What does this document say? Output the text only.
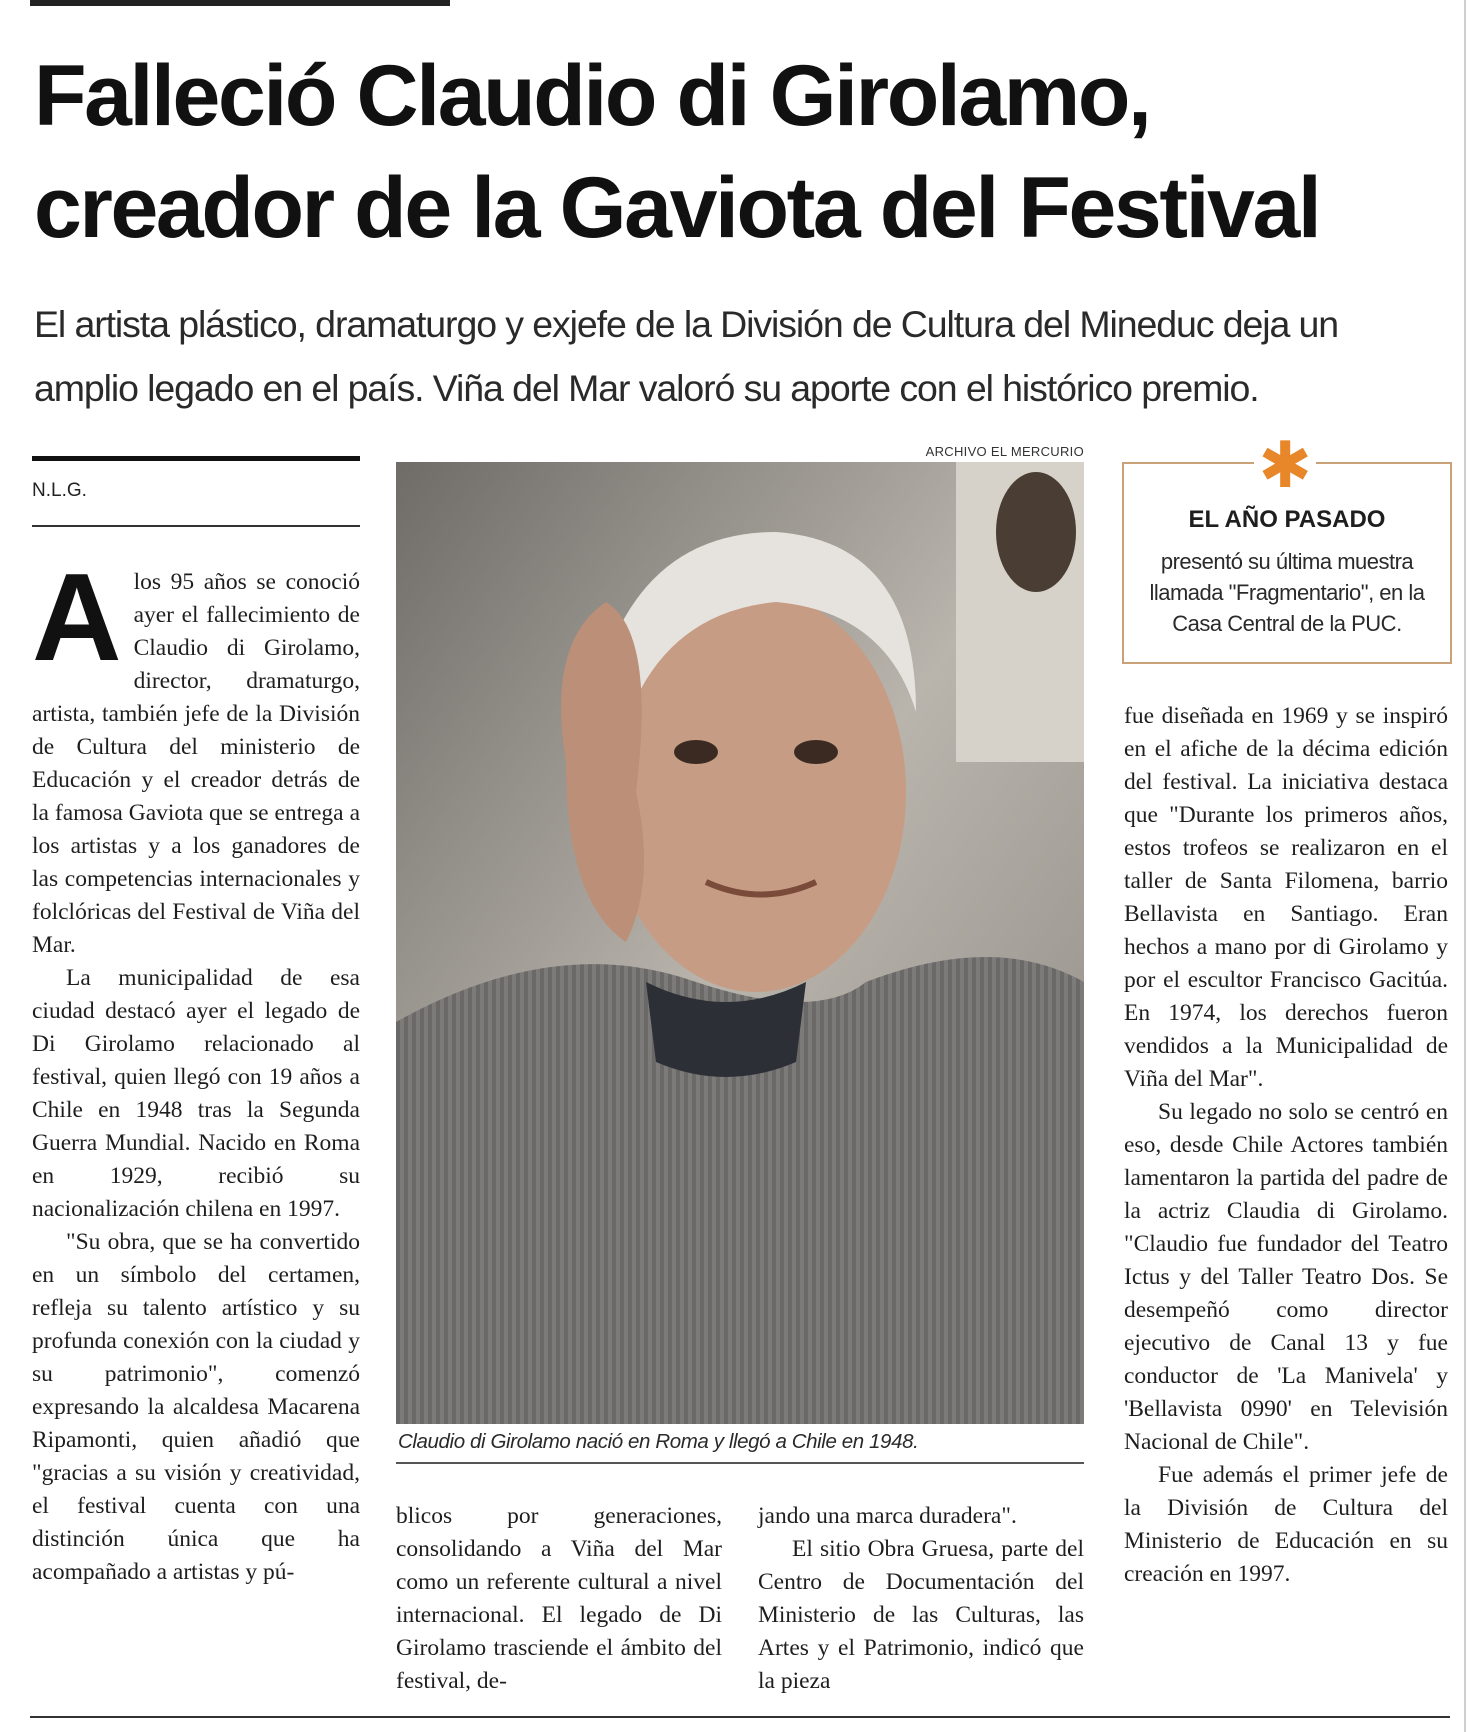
Falleció Claudio di Girolamo,
creador de la Gaviota del Festival

El artista plástico, dramaturgo y exjefe de la División de Cultura del Mineduc deja un
amplio legado en el país. Viña del Mar valoró su aporte con el histórico premio.

N.L.G.

Alos 95 años se conoció ayer el fallecimiento de Claudio di Girolamo, director, dramaturgo, artista, también jefe de la División de Cultura del ministerio de Educación y el creador detrás de la famosa Gaviota que se entrega a los artistas y a los ganadores de las competencias internacionales y folclóricas del Festival de Viña del Mar.

La municipalidad de esa ciudad destacó ayer el legado de Di Girolamo relacionado al festival, quien llegó con 19 años a Chile en 1948 tras la Segunda Guerra Mundial. Nacido en Roma en 1929, recibió su nacionalización chilena en 1997.

"Su obra, que se ha convertido en un símbolo del certamen, refleja su talento artístico y su profunda conexión con la ciudad y su patrimonio", comenzó expresando la alcaldesa Macarena Ripamonti, quien añadió que "gracias a su visión y creatividad, el festival cuenta con una distinción única que ha acompañado a artistas y pú-

ARCHIVO EL MERCURIO
Claudio di Girolamo nació en Roma y llegó a Chile en 1948.

blicos por generaciones, consolidando a Viña del Mar como un referente cultural a nivel internacional. El legado de Di Girolamo trasciende el ámbito del festival, de-

jando una marca duradera".

El sitio Obra Gruesa, parte del Centro de Documentación del Ministerio de las Culturas, las Artes y el Patrimonio, indicó que la pieza

✱
EL AÑO PASADO
presentó su última muestra llamada "Fragmentario", en la Casa Central de la PUC.

fue diseñada en 1969 y se inspiró en el afiche de la décima edición del festival. La iniciativa destaca que "Durante los primeros años, estos trofeos se realizaron en el taller de Santa Filomena, barrio Bellavista en Santiago. Eran hechos a mano por di Girolamo y por el escultor Francisco Gacitúa. En 1974, los derechos fueron vendidos a la Municipalidad de Viña del Mar".

Su legado no solo se centró en eso, desde Chile Actores también lamentaron la partida del padre de la actriz Claudia di Girolamo. "Claudio fue fundador del Teatro Ictus y del Taller Teatro Dos. Se desempeñó como director ejecutivo de Canal 13 y fue conductor de 'La Manivela' y 'Bellavista 0990' en Televisión Nacional de Chile".

Fue además el primer jefe de la División de Cultura del Ministerio de Educación en su creación en 1997.
